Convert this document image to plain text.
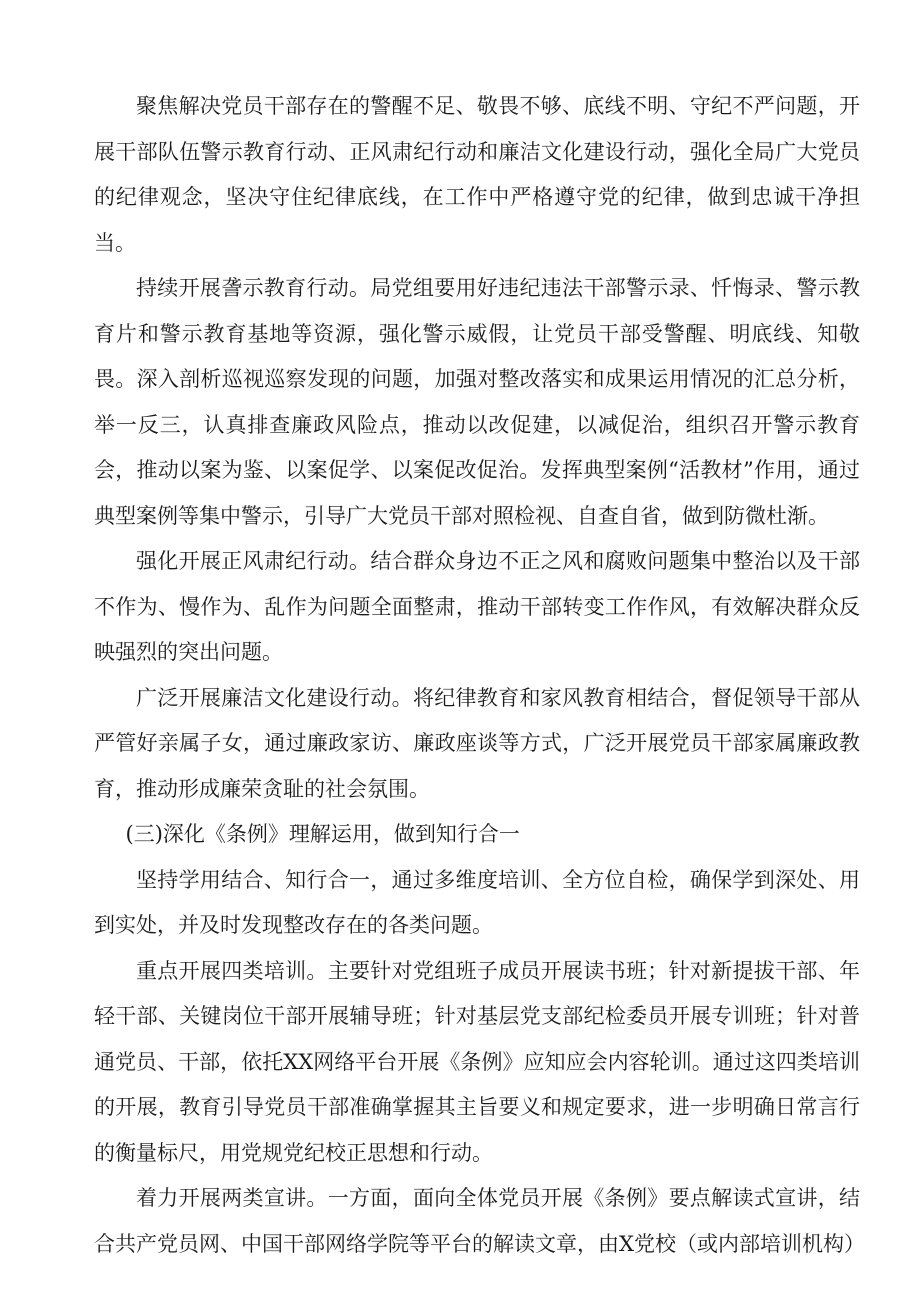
聚焦解决党员干部存在的警醒不足、敬畏不够、底线不明、守纪不严问题，开展干部队伍警示教育行动、正风肃纪行动和廉洁文化建设行动，强化全局广大党员的纪律观念，坚决守住纪律底线，在工作中严格遵守党的纪律，做到忠诚干净担当。

持续开展詟示教育行动。局党组要用好违纪违法干部警示录、忏悔录、警示教育片和警示教育基地等资源，强化警示威假，让党员干部受警醒、明底线、知敬畏。深入剖析巡视巡察发现的问题，加强对整改落实和成果运用情况的汇总分析，举一反三，认真排查廉政风险点，推动以改促建，以减促治，组织召开警示教育会，推动以案为鉴、以案促学、以案促改促治。发挥典型案例“活教材”作用，通过典型案例等集中警示，引导广大党员干部对照检视、自查自省，做到防微杜渐。

强化开展正风肃纪行动。结合群众身边不正之风和腐败问题集中整治以及干部不作为、慢作为、乱作为问题全面整肃，推动干部转变工作作风，有效解决群众反映强烈的突出问题。

广泛开展廉洁文化建设行动。将纪律教育和家风教育相结合，督促领导干部从严管好亲属子女，通过廉政家访、廉政座谈等方式，广泛开展党员干部家属廉政教育，推动形成廉荣贪耻的社会氛围。

(三)深化《条例》理解运用，做到知行合一

坚持学用结合、知行合一，通过多维度培训、全方位自检，确保学到深处、用到实处，并及时发现整改存在的各类问题。

重点开展四类培训。主要针对党组班子成员开展读书班；针对新提拔干部、年轻干部、关键岗位干部开展辅导班；针对基层党支部纪检委员开展专训班；针对普通党员、干部，依托XX网络平台开展《条例》应知应会内容轮训。通过这四类培训的开展，教育引导党员干部准确掌握其主旨要义和规定要求，进一步明确日常言行的衡量标尺，用党规党纪校正思想和行动。

着力开展两类宣讲。一方面，面向全体党员开展《条例》要点解读式宣讲，结合共产党员网、中国干部网络学院等平台的解读文章，由X党校（或内部培训机构）
